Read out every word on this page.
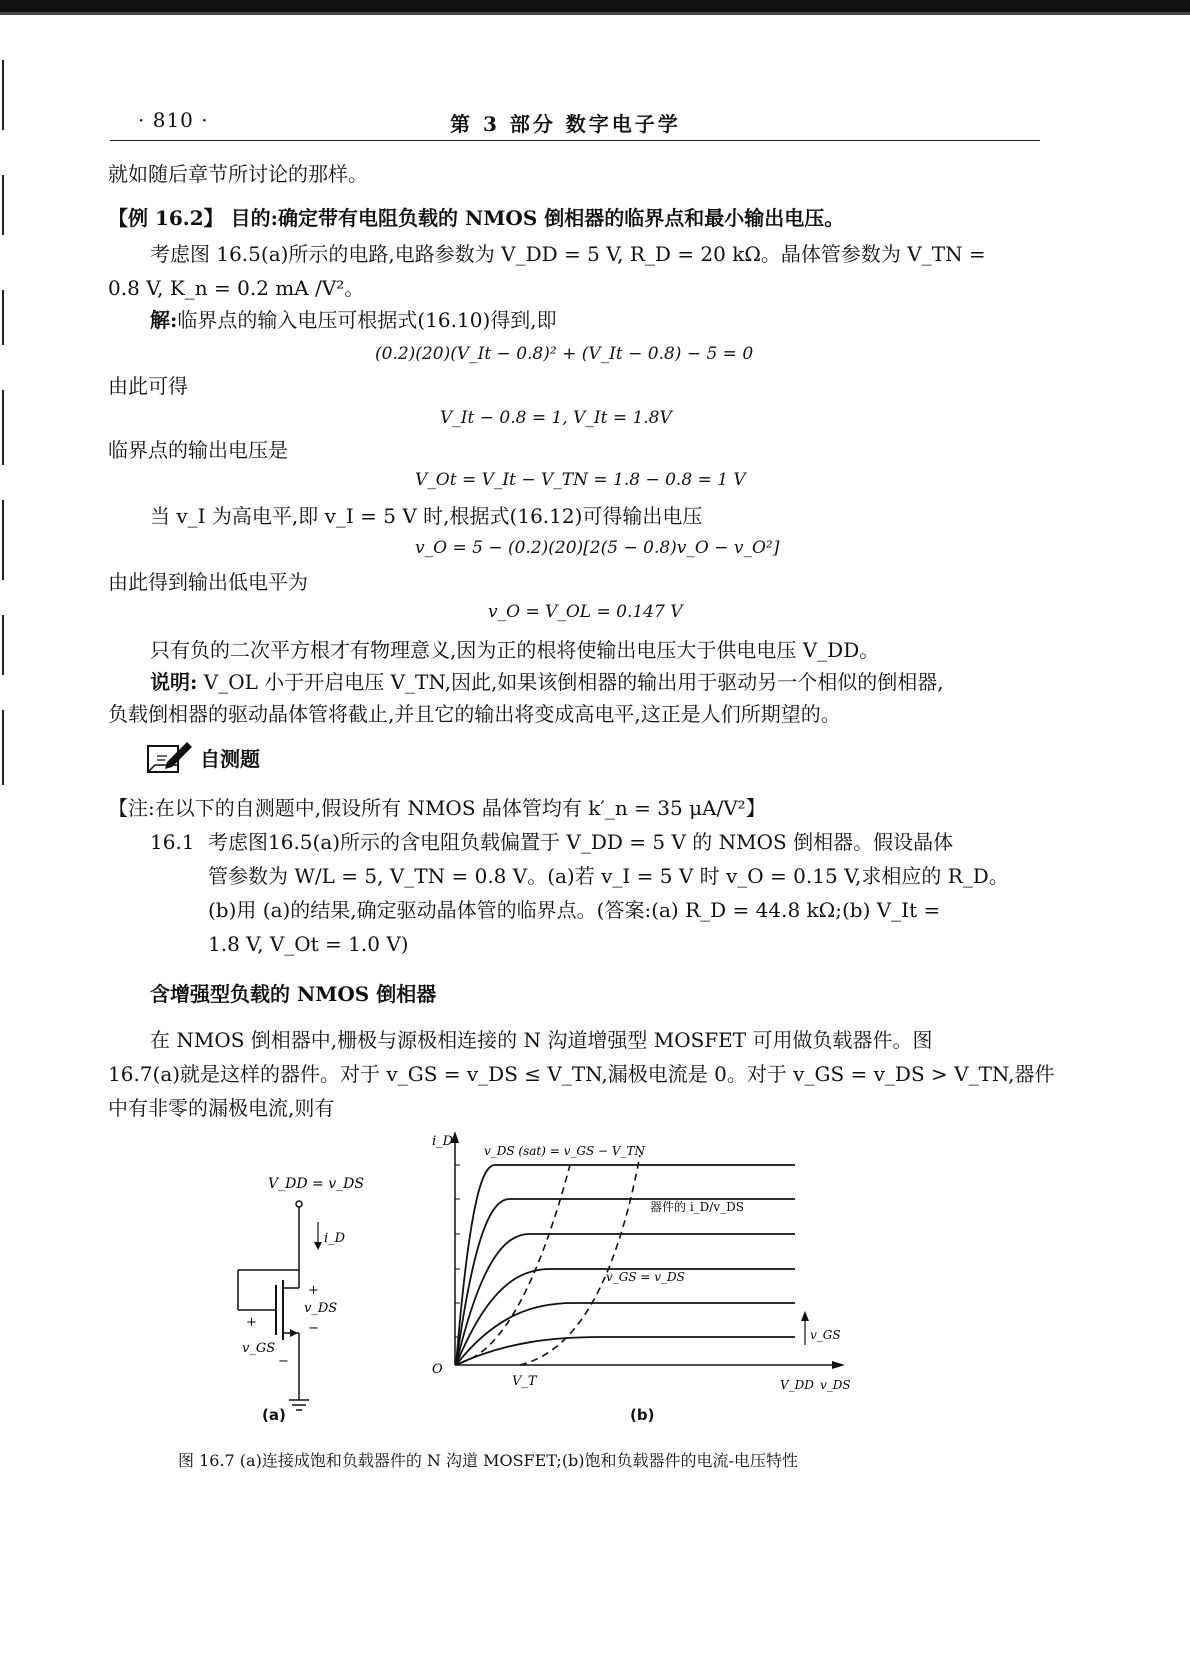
· 810 ·	第 3 部分 数字电子学
就如随后章节所讨论的那样。
【例 16.2】 目的:确定带有电阻负载的 NMOS 倒相器的临界点和最小输出电压。
考虑图 16.5(a)所示的电路,电路参数为 V_DD = 5 V, R_D = 20 kΩ。晶体管参数为 V_TN =
0.8 V, K_n = 0.2 mA /V²。
解:临界点的输入电压可根据式(16.10)得到,即
(0.2)(20)(V_It − 0.8)² + (V_It − 0.8) − 5 = 0
由此可得
V_It − 0.8 = 1, V_It = 1.8V
临界点的输出电压是
V_Ot = V_It − V_TN = 1.8 − 0.8 = 1 V
当 v_I 为高电平,即 v_I = 5 V 时,根据式(16.12)可得输出电压
v_O = 5 − (0.2)(20)[2(5 − 0.8)v_O − v_O²]
由此得到输出低电平为
v_O = V_OL = 0.147 V
只有负的二次平方根才有物理意义,因为正的根将使输出电压大于供电电压 V_DD。
说明: V_OL 小于开启电压 V_TN,因此,如果该倒相器的输出用于驱动另一个相似的倒相器,
负载倒相器的驱动晶体管将截止,并且它的输出将变成高电平,这正是人们所期望的。
自测题
【注:在以下的自测题中,假设所有 NMOS 晶体管均有 k′_n = 35 μA/V²】
16.1 考虑图16.5(a)所示的含电阻负载偏置于 V_DD = 5 V 的 NMOS 倒相器。假设晶体
管参数为 W/L = 5, V_TN = 0.8 V。(a)若 v_I = 5 V 时 v_O = 0.15 V,求相应的 R_D。
(b)用 (a)的结果,确定驱动晶体管的临界点。(答案:(a) R_D = 44.8 kΩ;(b) V_It =
1.8 V, V_Ot = 1.0 V)
含增强型负载的 NMOS 倒相器
在 NMOS 倒相器中,栅极与源极相连接的 N 沟道增强型 MOSFET 可用做负载器件。图
16.7(a)就是这样的器件。对于 v_GS = v_DS ≤ V_TN,漏极电流是 0。对于 v_GS = v_DS > V_TN,器件
中有非零的漏极电流,则有
V_DD = v_DS
i_D
+
v_DS
−
+
v_GS
−
(a)
i_D
v_DS (sat) = v_GS − V_TN
器件的 i_D/v_DS
v_GS = v_DS
O
V_T	V_DD v_DS
v_GS
(b)
图 16.7 (a)连接成饱和负载器件的 N 沟道 MOSFET;(b)饱和负载器件的电流-电压特性
